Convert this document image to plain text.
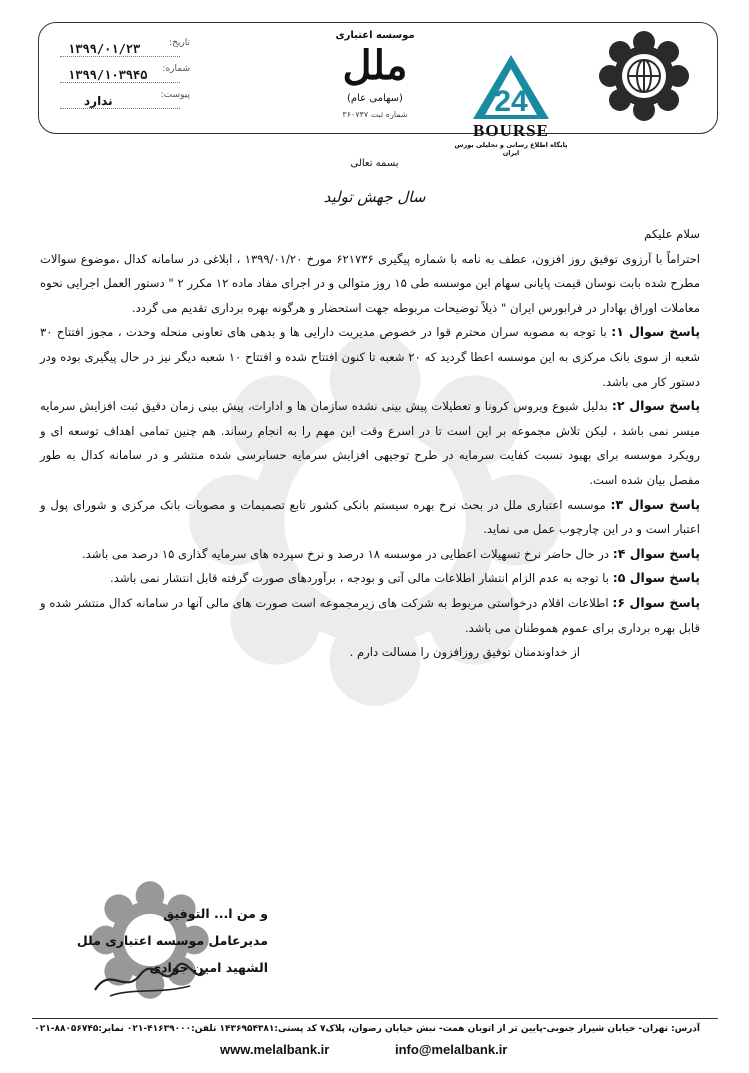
تاریخ:
۱۳۹۹/۰۱/۲۳
شماره:
۱۳۹۹/۱۰۳۹۴۵
پیوست:
ندارد
موسسه اعتباری
ملل
(سهامی عام)
شماره ثبت ۳۶۰۷۴۷	24
BOURSE
پایگاه اطلاع رسانی و تحلیلی بورس ایران
بسمه تعالی
سال جهش تولید

سلام علیکم

احتراماً با آرزوی توفیق روز افزون، عطف به نامه با شماره پیگیری ۶۲۱۷۳۶ مورخ ۱۳۹۹/۰۱/۲۰ ، ابلاغی در سامانه کدال ،موضوع سوالات مطرح شده بابت نوسان قیمت پایانی سهام این موسسه طی ۱۵ روز متوالی و در اجرای مفاد ماده ۱۲ مکرر ۲ " دستور العمل اجرایی نحوه معاملات اوراق بهادار در فرابورس ایران " ذیلاً توضیحات مربوطه جهت استحضار و هرگونه بهره برداری تقدیم می گردد.

پاسخ سوال ۱: با توجه به مصوبه سران محترم قوا در خصوص مدیریت دارایی ها و بدهی های تعاونی منحله وحدت ، مجوز افتتاح ۳۰ شعبه از سوی بانک مرکزی به این موسسه اعطا گردید که ۲۰ شعبه تا کنون افتتاح شده و افتتاح ۱۰ شعبه دیگر نیز در حال پیگیری بوده ودر دستور کار می باشد.

پاسخ سوال ۲: بدلیل شیوع ویروس کرونا و تعطیلات پیش بینی نشده سازمان ها و ادارات، پیش بینی زمان دقیق ثبت افزایش سرمایه میسر نمی باشد ، لیکن تلاش مجموعه بر این است تا در اسرع وقت این مهم را به انجام رساند. هم چنین تمامی اهداف توسعه ای و رویکرد موسسه برای بهبود نسبت کفایت سرمایه در طرح توجیهی افزایش سرمایه حسابرسی شده منتشر و در سامانه کدال به طور مفصل بیان شده است.

پاسخ سوال ۳: موسسه اعتباری ملل در بحث نرخ بهره سیستم بانکی کشور تابع تصمیمات و مصوبات بانک مرکزی و شورای پول و اعتبار است و در این چارچوب عمل می نماید.

پاسخ سوال ۴: در حال حاضر نرخ تسهیلات اعطایی در موسسه ۱۸ درصد و نرخ سپرده های سرمایه گذاری ۱۵ درصد می باشد.

پاسخ سوال ۵: با توجه به عدم الزام انتشار اطلاعات مالی آتی و بودجه ، برآوردهای صورت گرفته قابل انتشار نمی باشد.

پاسخ سوال ۶: اطلاعات اقلام درخواستی مربوط به شرکت های زیرمجموعه است صورت های مالی آنها در سامانه کدال منتشر شده و قابل بهره برداری برای عموم هموطنان می باشد.

از خداوندمنان توفیق روزافزون را مسالت دارم .

و من ا... التوفیق
مدیرعامل موسسه اعتباری ملل
الشهید امین جوادی
آدرس: تهران- خیابان شیراز جنوبی-پایین تر از اتوبان همت- نبش خیابان رضوان، پلاک۷ کد پستی:۱۴۳۶۹۵۴۳۸۱ تلفن:۴۱۶۳۹۰۰۰-۰۲۱ نمابر:۸۸۰۵۶۷۴۵-۰۲۱
www.melalbank.ir	info@melalbank.ir
